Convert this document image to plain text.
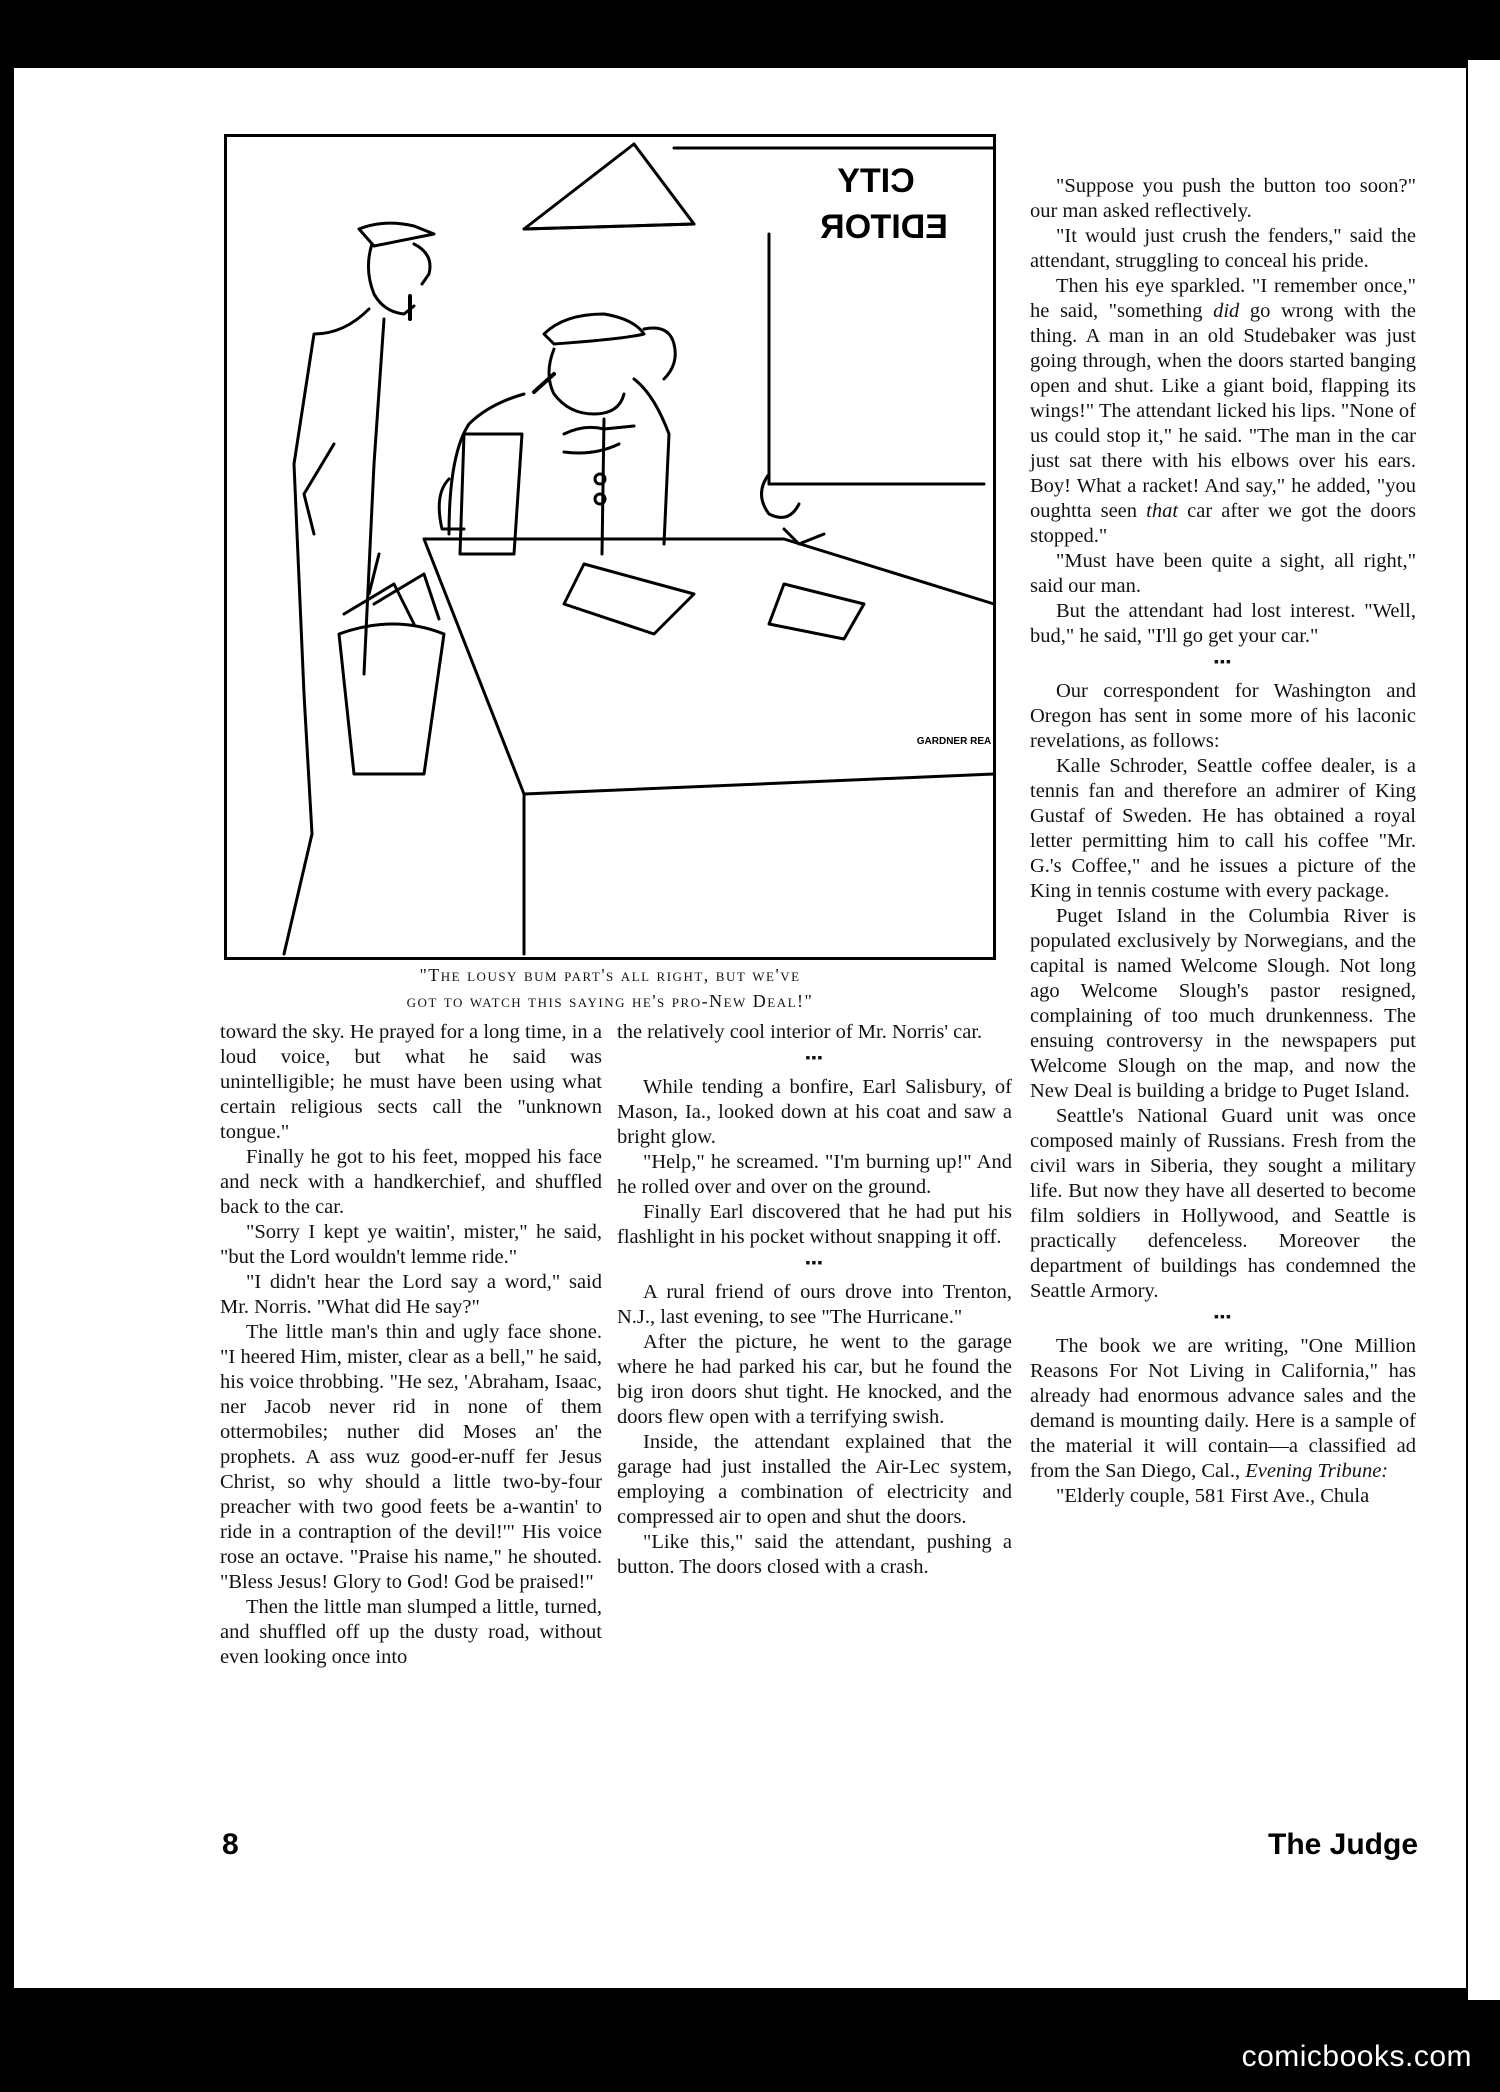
CITY
EDITOR
GARDNER REA
"The lousy bum part's all right, but we've
got to watch this saying he's pro-New Deal!"

toward the sky. He prayed for a long time, in a loud voice, but what he said was unintelligible; he must have been using what certain religious sects call the "unknown tongue."

Finally he got to his feet, mopped his face and neck with a handkerchief, and shuffled back to the car.

"Sorry I kept ye waitin', mister," he said, "but the Lord wouldn't lemme ride."

"I didn't hear the Lord say a word," said Mr. Norris. "What did He say?"

The little man's thin and ugly face shone. "I heered Him, mister, clear as a bell," he said, his voice throbbing. "He sez, 'Abraham, Isaac, ner Jacob never rid in none of them ottermobiles; nuther did Moses an' the prophets. A ass wuz good-er-nuff fer Jesus Christ, so why should a little two-by-four preacher with two good feets be a-wantin' to ride in a contraption of the devil!'" His voice rose an octave. "Praise his name," he shouted. "Bless Jesus! Glory to God! God be praised!"

Then the little man slumped a little, turned, and shuffled off up the dusty road, without even looking once into

the relatively cool interior of Mr. Norris' car.

▪▪▪

While tending a bonfire, Earl Salisbury, of Mason, Ia., looked down at his coat and saw a bright glow.

"Help," he screamed. "I'm burning up!" And he rolled over and over on the ground.

Finally Earl discovered that he had put his flashlight in his pocket without snapping it off.

▪▪▪

A rural friend of ours drove into Trenton, N.J., last evening, to see "The Hurricane."

After the picture, he went to the garage where he had parked his car, but he found the big iron doors shut tight. He knocked, and the doors flew open with a terrifying swish.

Inside, the attendant explained that the garage had just installed the Air-Lec system, employing a combination of electricity and compressed air to open and shut the doors.

"Like this," said the attendant, pushing a button. The doors closed with a crash.

"Suppose you push the button too soon?" our man asked reflectively.

"It would just crush the fenders," said the attendant, struggling to conceal his pride.

Then his eye sparkled. "I remember once," he said, "something did go wrong with the thing. A man in an old Studebaker was just going through, when the doors started banging open and shut. Like a giant boid, flapping its wings!" The attendant licked his lips. "None of us could stop it," he said. "The man in the car just sat there with his elbows over his ears. Boy! What a racket! And say," he added, "you oughtta seen that car after we got the doors stopped."

"Must have been quite a sight, all right," said our man.

But the attendant had lost interest. "Well, bud," he said, "I'll go get your car."

▪▪▪

Our correspondent for Washington and Oregon has sent in some more of his laconic revelations, as follows:

Kalle Schroder, Seattle coffee dealer, is a tennis fan and therefore an admirer of King Gustaf of Sweden. He has obtained a royal letter permitting him to call his coffee "Mr. G.'s Coffee," and he issues a picture of the King in tennis costume with every package.

Puget Island in the Columbia River is populated exclusively by Norwegians, and the capital is named Welcome Slough. Not long ago Welcome Slough's pastor resigned, complaining of too much drunkenness. The ensuing controversy in the newspapers put Welcome Slough on the map, and now the New Deal is building a bridge to Puget Island.

Seattle's National Guard unit was once composed mainly of Russians. Fresh from the civil wars in Siberia, they sought a military life. But now they have all deserted to become film soldiers in Hollywood, and Seattle is practically defenceless. Moreover the department of buildings has condemned the Seattle Armory.

▪▪▪

The book we are writing, "One Million Reasons For Not Living in California," has already had enormous advance sales and the demand is mounting daily. Here is a sample of the material it will contain—a classified ad from the San Diego, Cal., Evening Tribune:

"Elderly couple, 581 First Ave., Chula

8	The Judge
comicbooks.com
